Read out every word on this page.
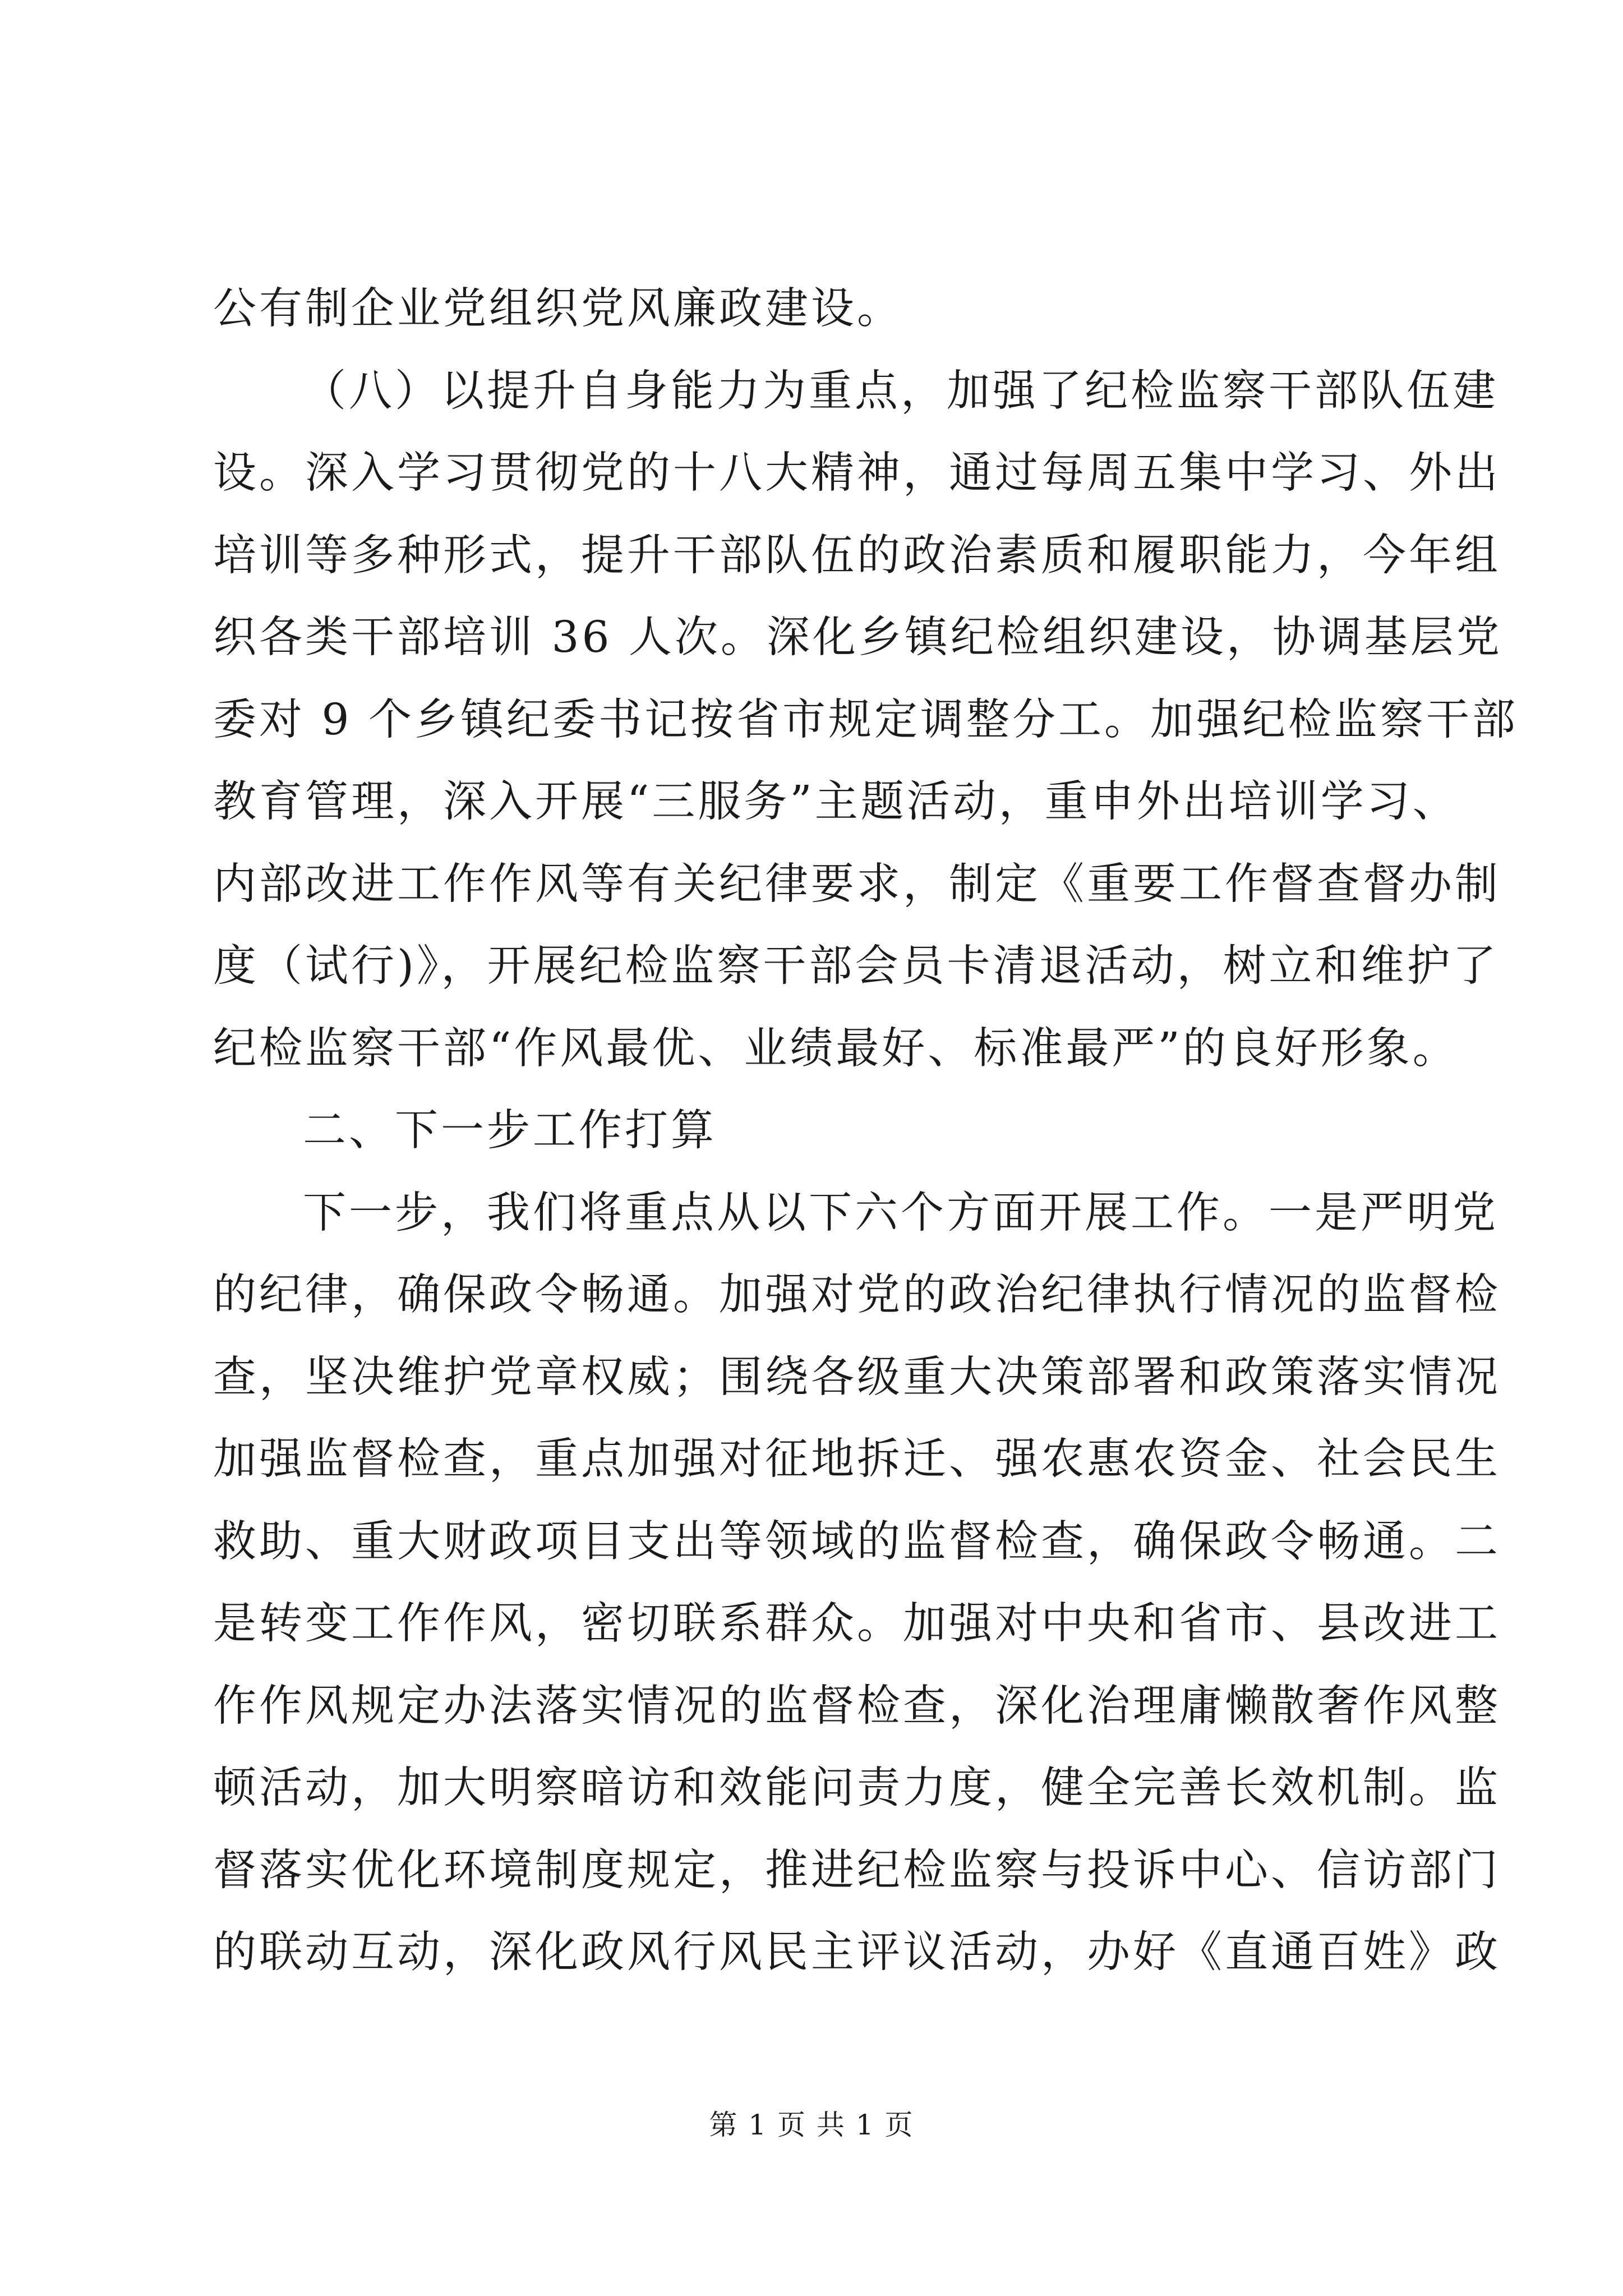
公有制企业党组织党风廉政建设。
（八）以提升自身能力为重点，加强了纪检监察干部队伍建
设。深入学习贯彻党的十八大精神，通过每周五集中学习、外出
培训等多种形式，提升干部队伍的政治素质和履职能力，今年组
织各类干部培训 36 人次。深化乡镇纪检组织建设，协调基层党
委对 9 个乡镇纪委书记按省市规定调整分工。加强纪检监察干部
教育管理，深入开展“三服务”主题活动，重申外出培训学习、
内部改进工作作风等有关纪律要求，制定《重要工作督查督办制
度（试行)》，开展纪检监察干部会员卡清退活动，树立和维护了
纪检监察干部“作风最优、业绩最好、标准最严”的良好形象。
二、下一步工作打算
下一步，我们将重点从以下六个方面开展工作。一是严明党
的纪律，确保政令畅通。加强对党的政治纪律执行情况的监督检
查，坚决维护党章权威；围绕各级重大决策部署和政策落实情况
加强监督检查，重点加强对征地拆迁、强农惠农资金、社会民生
救助、重大财政项目支出等领域的监督检查，确保政令畅通。二
是转变工作作风，密切联系群众。加强对中央和省市、县改进工
作作风规定办法落实情况的监督检查，深化治理庸懒散奢作风整
顿活动，加大明察暗访和效能问责力度，健全完善长效机制。监
督落实优化环境制度规定，推进纪检监察与投诉中心、信访部门
的联动互动，深化政风行风民主评议活动，办好《直通百姓》政
第 1 页 共 1 页
